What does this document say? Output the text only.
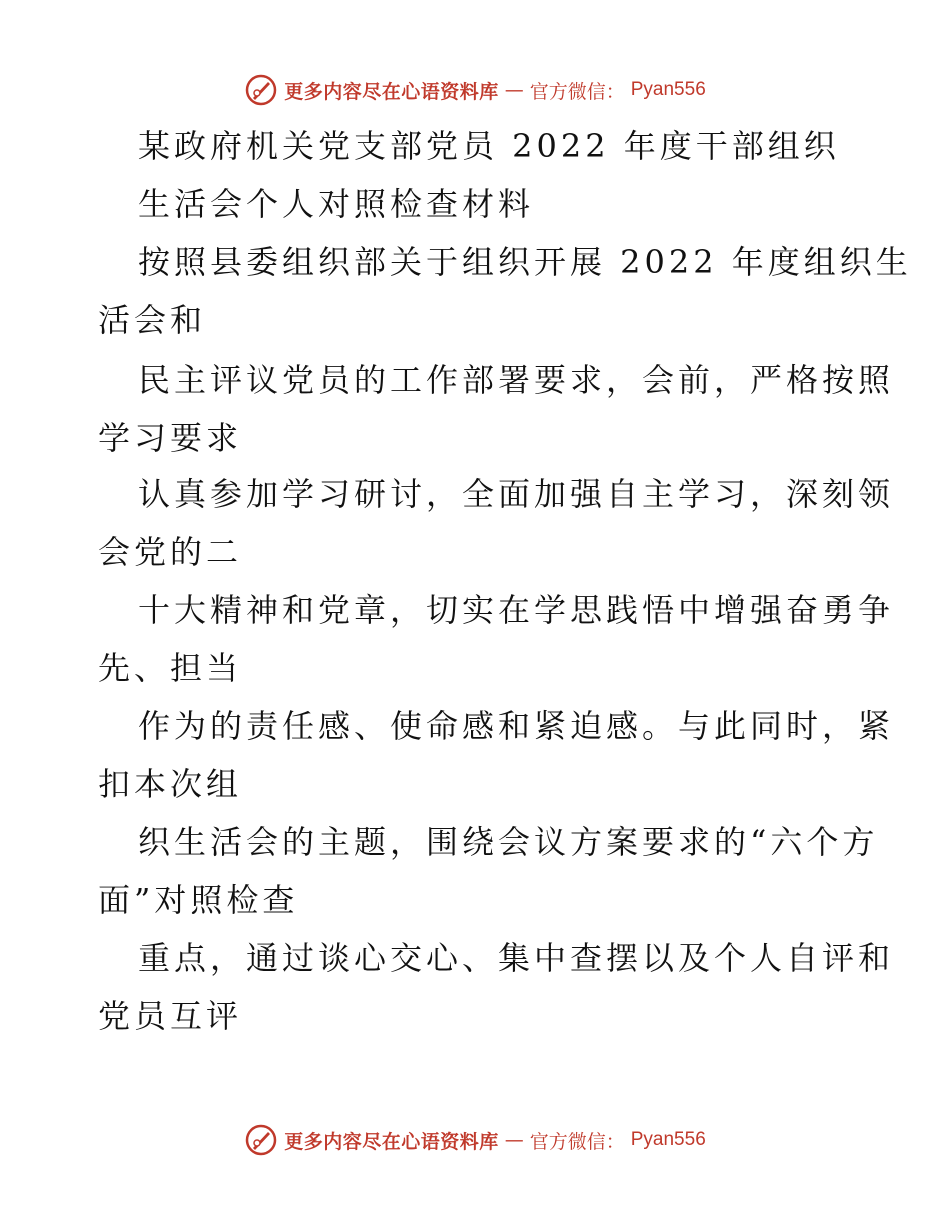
更多内容尽在心语资料库 — 官方微信： Pyan556
某政府机关党支部党员 2022 年度干部组织
生活会个人对照检查材料
按照县委组织部关于组织开展 2022 年度组织生
活会和
民主评议党员的工作部署要求，会前，严格按照
学习要求
认真参加学习研讨，全面加强自主学习，深刻领
会党的二
十大精神和党章，切实在学思践悟中增强奋勇争
先、担当
作为的责任感、使命感和紧迫感。与此同时，紧
扣本次组
织生活会的主题，围绕会议方案要求的“六个方
面”对照检查
重点，通过谈心交心、集中查摆以及个人自评和
党员互评
更多内容尽在心语资料库 — 官方微信： Pyan556
